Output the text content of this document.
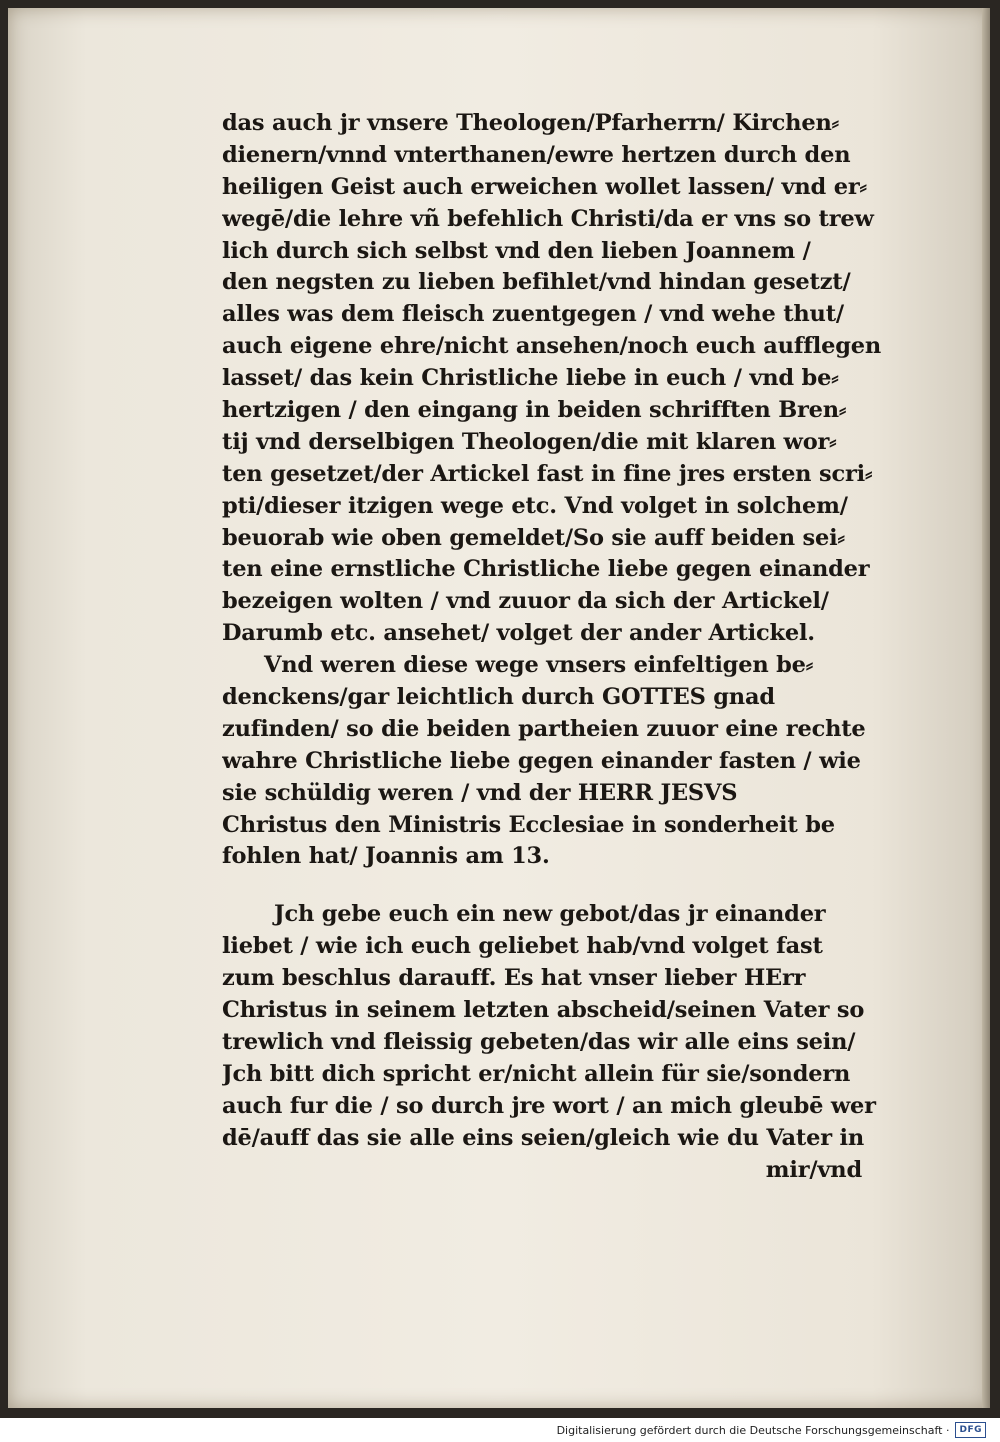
das auch jr vnsere Theologen/Pfarherrn/ Kirchen⸗
dienern/vnnd vnterthanen/ewre hertzen durch den
heiligen Geist auch erweichen wollet lassen/ vnd er⸗
wegē/die lehre vñ befehlich Christi/da er vns so trew
lich durch sich selbst vnd den lieben Joannem /
den negsten zu lieben befihlet/vnd hindan gesetzt/
alles was dem fleisch zuentgegen / vnd wehe thut/
auch eigene ehre/nicht ansehen/noch euch aufflegen
lasset/ das kein Christliche liebe in euch / vnd be⸗
hertzigen / den eingang in beiden schrifften Bren⸗
tij vnd derselbigen Theologen/die mit klaren wor⸗
ten gesetzet/der Artickel fast in fine jres ersten scri⸗
pti/dieser itzigen wege etc. Vnd volget in solchem/
beuorab wie oben gemeldet/So sie auff beiden sei⸗
ten eine ernstliche Christliche liebe gegen einander
bezeigen wolten / vnd zuuor da sich der Artickel/
Darumb etc. ansehet/ volget der ander Artickel.
Vnd weren diese wege vnsers einfeltigen be⸗
denckens/gar leichtlich durch GOTTES gnad
zufinden/ so die beiden partheien zuuor eine rechte
wahre Christliche liebe gegen einander fasten / wie
sie schüldig weren / vnd der HERR JESVS
Christus den Ministris Ecclesiae in sonderheit be
fohlen hat/ Joannis am 13.
Jch gebe euch ein new gebot/das jr einander
liebet / wie ich euch geliebet hab/vnd volget fast
zum beschlus darauff. Es hat vnser lieber HErr
Christus in seinem letzten abscheid/seinen Vater so
trewlich vnd fleissig gebeten/das wir alle eins sein/
Jch bitt dich spricht er/nicht allein für sie/sondern
auch fur die / so durch jre wort / an mich gleubē wer
dē/auff das sie alle eins seien/gleich wie du Vater in
mir/vnd
Digitalisierung gefördert durch die Deutsche Forschungsgemeinschaft ·	DFG
